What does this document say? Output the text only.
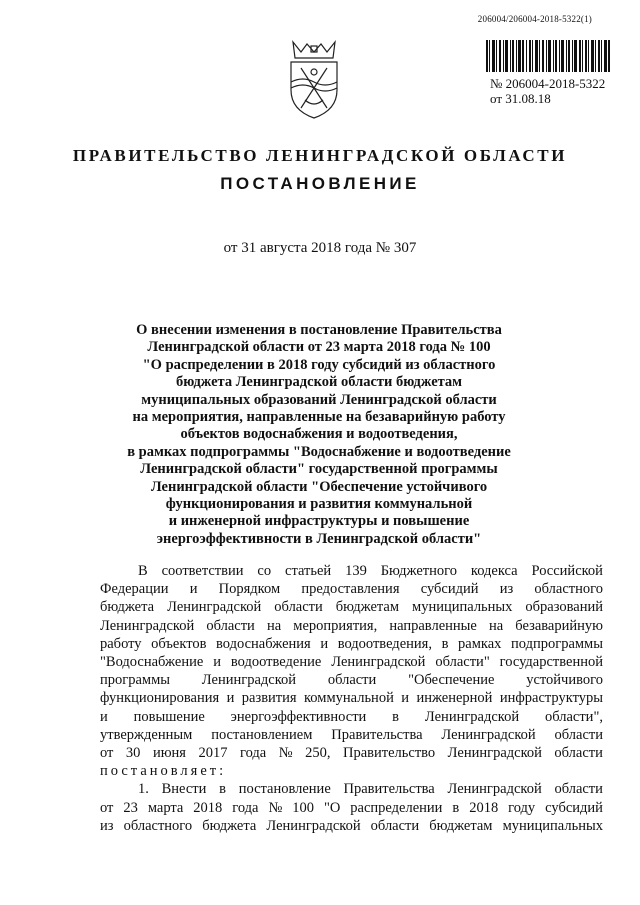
206004/206004-2018-5322(1)
№ 206004-2018-5322
от 31.08.18
ПРАВИТЕЛЬСТВО ЛЕНИНГРАДСКОЙ ОБЛАСТИ
ПОСТАНОВЛЕНИЕ
от 31 августа 2018 года № 307
О внесении изменения в постановление Правительства
Ленинградской области от 23 марта 2018 года № 100
"О распределении в 2018 году субсидий из областного
бюджета Ленинградской области бюджетам
муниципальных образований Ленинградской области
на мероприятия, направленные на безаварийную работу
объектов водоснабжения и водоотведения,
в рамках подпрограммы "Водоснабжение и водоотведение
Ленинградской области" государственной программы
Ленинградской области "Обеспечение устойчивого
функционирования и развития коммунальной
и инженерной инфраструктуры и повышение
энергоэффективности в Ленинградской области"
В соответствии со статьей 139 Бюджетного кодекса Российской
Федерации и Порядком предоставления субсидий из областного
бюджета Ленинградской области бюджетам муниципальных образований
Ленинградской области на мероприятия, направленные на безаварийную
работу объектов водоснабжения и водоотведения, в рамках подпрограммы
"Водоснабжение и водоотведение Ленинградской области" государственной
программы Ленинградской области "Обеспечение устойчивого
функционирования и развития коммунальной и инженерной инфраструктуры
и повышение энергоэффективности в Ленинградской области",
утвержденным постановлением Правительства Ленинградской области
от 30 июня 2017 года № 250, Правительство Ленинградской области
постановляет:
1. Внести в постановление Правительства Ленинградской области
от 23 марта 2018 года № 100 "О распределении в 2018 году субсидий
из областного бюджета Ленинградской области бюджетам муниципальных
